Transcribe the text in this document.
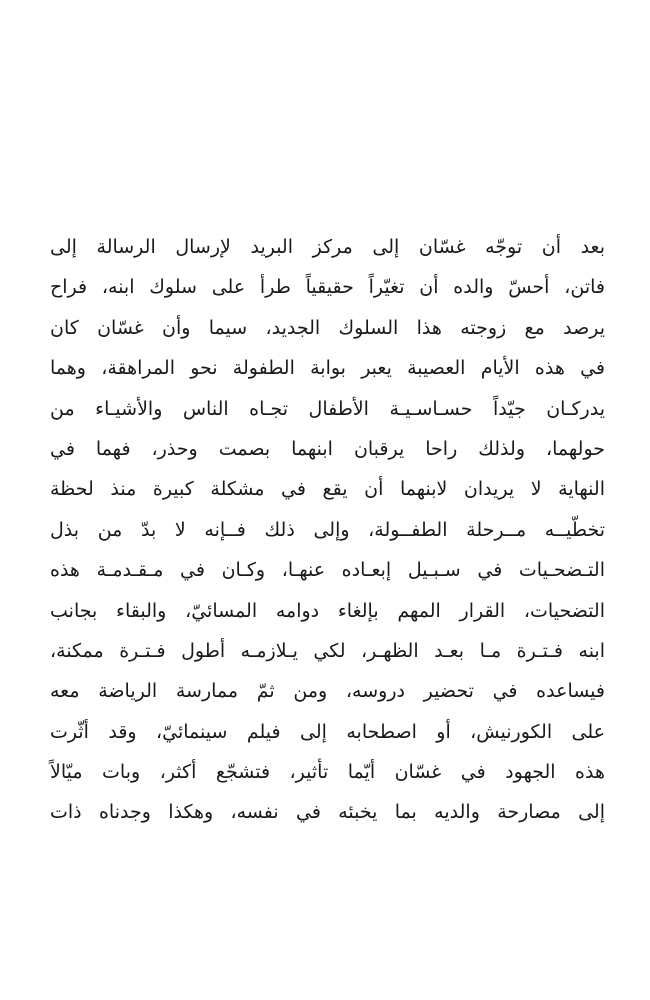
بعد أن توجّه غسّان إلى مركز البريد لإرسال الرسالة إلى
فاتن، أحسّ والده أن تغيّراً حقيقياً طرأ على سلوك ابنه، فراح
يرصد مع زوجته هذا السلوك الجديد، سيما وأن غسّان كان
في هذه الأيام العصيبة يعبر بوابة الطفولة نحو المراهقة، وهما
يدركـان جيّداً حسـاسـيـة الأطفال تجـاه الناس والأشيـاء من
حولهما، ولذلك راحا يرقبان ابنهما بصمت وحذر، فهما في
النهاية لا يريدان لابنهما أن يقع في مشكلة كبيرة منذ لحظة
تخطّيــه مــرحلة الطفــولة، وإلى ذلك فــإنه لا بدّ من بذل
التـضحـيات في سـبـيل إبعـاده عنهـا، وكـان في مـقـدمـة هذه
التضحيات، القرار المهم بإلغاء دوامه المسائيّ، والبقاء بجانب
ابنه فـتـرة مـا بعـد الظهـر، لكي يـلازمـه أطول فـتـرة ممكنة،
فيساعده في تحضير دروسه، ومن ثمّ ممارسة الرياضة معه
على الكورنيش، أو اصطحابه إلى فيلم سينمائيّ، وقد أثّرت
هذه الجهود في غسّان أيّما تأثير، فتشجّع أكثر، وبات ميّالاً
إلى مصارحة والديه بما يخبئه في نفسه، وهكذا وجدناه ذات
